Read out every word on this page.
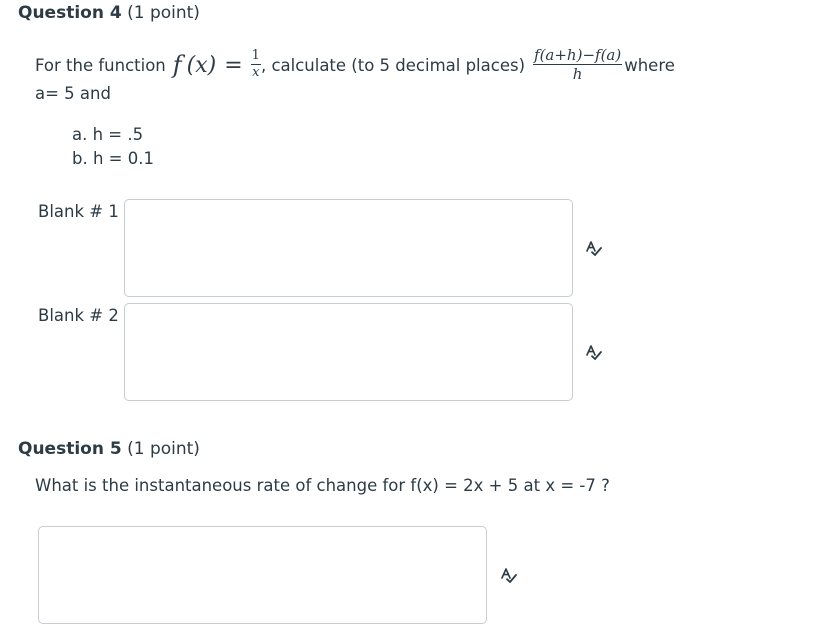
Question 4 (1 point)
For the function f $(x) = \frac{1}{x}$ , calculate (to 5 decimal places) $\frac{f(a+h)-f(a)}{h}$ where
a= 5 and
a. h = .5
b. h = 0.1
Blank # 1
Blank # 2
Question 5 (1 point)
What is the instantaneous rate of change for f(x) = 2x + 5 at x = -7 ?
